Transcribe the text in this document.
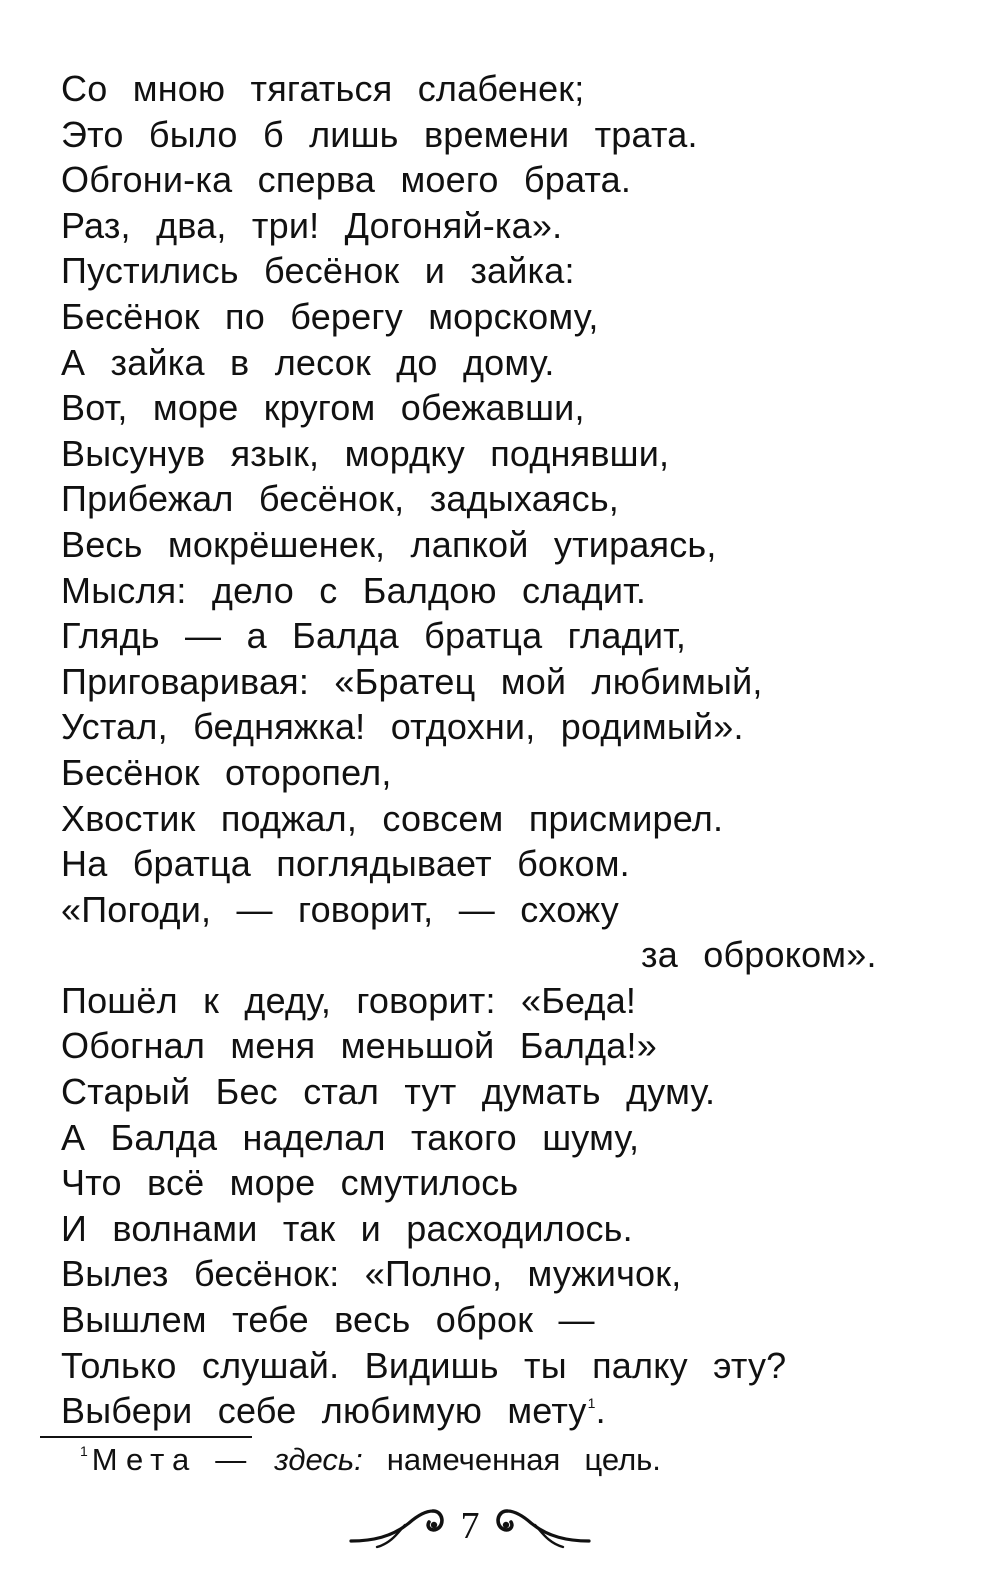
Со мною тягаться слабенек;
Это было б лишь времени трата.
Обгони-ка сперва моего брата.
Раз, два, три! Догоняй-ка».
Пустились бесёнок и зайка:
Бесёнок по берегу морскому,
А зайка в лесок до дому.
Вот, море кругом обежавши,
Высунув язык, мордку поднявши,
Прибежал бесёнок, задыхаясь,
Весь мокрёшенек, лапкой утираясь,
Мысля: дело с Балдою сладит.
Глядь — а Балда братца гладит,
Приговаривая: «Братец мой любимый,
Устал, бедняжка! отдохни, родимый».
Бесёнок оторопел,
Хвостик поджал, совсем присмирел.
На братца поглядывает боком.
«Погоди, — говорит, — схожу
за оброком».
Пошёл к деду, говорит: «Беда!
Обогнал меня меньшой Балда!»
Старый Бес стал тут думать думу.
А Балда наделал такого шуму,
Что всё море смутилось
И волнами так и расходилось.
Вылез бесёнок: «Полно, мужичок,
Вышлем тебе весь оброк —
Только слушай. Видишь ты палку эту?
Выбери себе любимую мету$^1$.
$^1$ Мета — здесь: намеченная цель.
7
